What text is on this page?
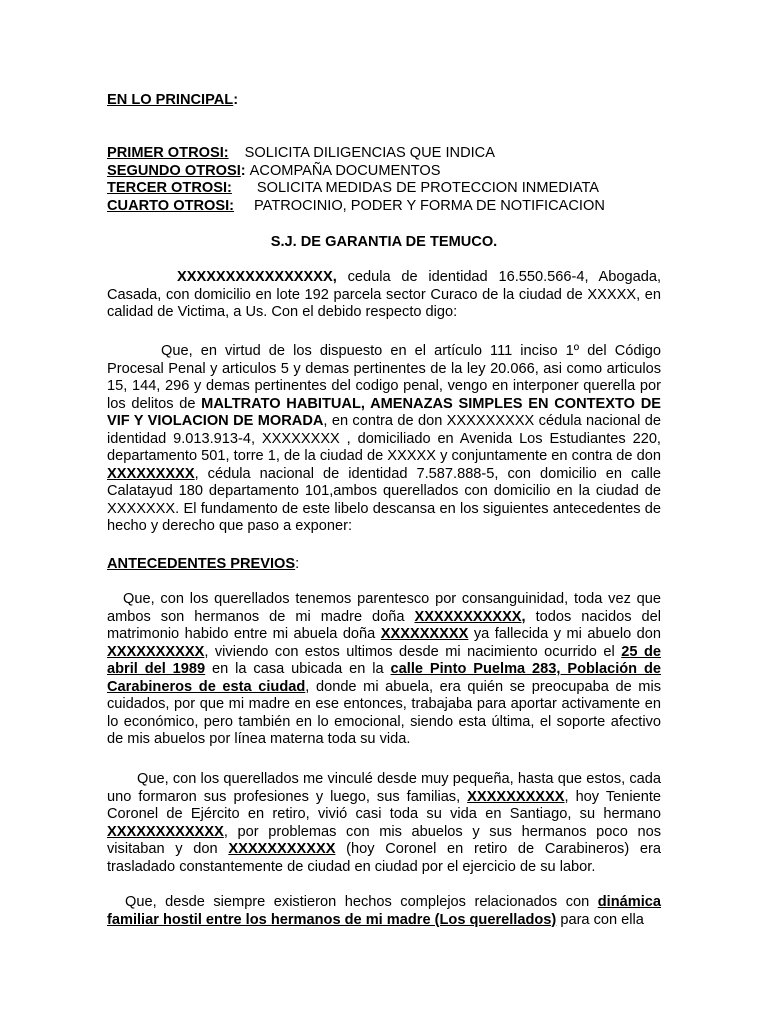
EN LO PRINCIPAL:
PRIMER OTROSI: SOLICITA DILIGENCIAS QUE INDICA
SEGUNDO OTROSI: ACOMPAÑA DOCUMENTOS
TERCER OTROSI: SOLICITA MEDIDAS DE PROTECCION INMEDIATA
CUARTO OTROSI: PATROCINIO, PODER Y FORMA DE NOTIFICACION
S.J. DE GARANTIA DE TEMUCO.
XXXXXXXXXXXXXXXX, cedula de identidad 16.550.566-4, Abogada, Casada, con domicilio en lote 192 parcela sector Curaco de la ciudad de XXXXX, en calidad de Victima, a Us. Con el debido respecto digo:
Que, en virtud de los dispuesto en el artículo 111 inciso 1º del Código Procesal Penal y articulos 5 y demas pertinentes de la ley 20.066, asi como articulos 15, 144, 296 y demas pertinentes del codigo penal, vengo en interponer querella por los delitos de MALTRATO HABITUAL, AMENAZAS SIMPLES EN CONTEXTO DE VIF Y VIOLACION DE MORADA, en contra de don XXXXXXXXX cédula nacional de identidad 9.013.913-4, XXXXXXXX , domiciliado en Avenida Los Estudiantes 220, departamento 501, torre 1, de la ciudad de XXXXX y conjuntamente en contra de don XXXXXXXXX, cédula nacional de identidad 7.587.888-5, con domicilio en calle Calatayud 180 departamento 101,ambos querellados con domicilio en la ciudad de XXXXXXX. El fundamento de este libelo descansa en los siguientes antecedentes de hecho y derecho que paso a exponer:
ANTECEDENTES PREVIOS:
Que, con los querellados tenemos parentesco por consanguinidad, toda vez que ambos son hermanos de mi madre doña XXXXXXXXXXX, todos nacidos del matrimonio habido entre mi abuela doña XXXXXXXXX ya fallecida y mi abuelo don XXXXXXXXXX, viviendo con estos ultimos desde mi nacimiento ocurrido el 25 de abril del 1989 en la casa ubicada en la calle Pinto Puelma 283, Población de Carabineros de esta ciudad, donde mi abuela, era quién se preocupaba de mis cuidados, por que mi madre en ese entonces, trabajaba para aportar activamente en lo económico, pero también en lo emocional, siendo esta última, el soporte afectivo de mis abuelos por línea materna toda su vida.
Que, con los querellados me vinculé desde muy pequeña, hasta que estos, cada uno formaron sus profesiones y luego, sus familias, XXXXXXXXXX, hoy Teniente Coronel de Ejército en retiro, vivió casi toda su vida en Santiago, su hermano XXXXXXXXXXXX, por problemas con mis abuelos y sus hermanos poco nos visitaban y don XXXXXXXXXXX (hoy Coronel en retiro de Carabineros) era trasladado constantemente de ciudad en ciudad por el ejercicio de su labor.
Que, desde siempre existieron hechos complejos relacionados con dinámica familiar hostil entre los hermanos de mi madre (Los querellados) para con ella
